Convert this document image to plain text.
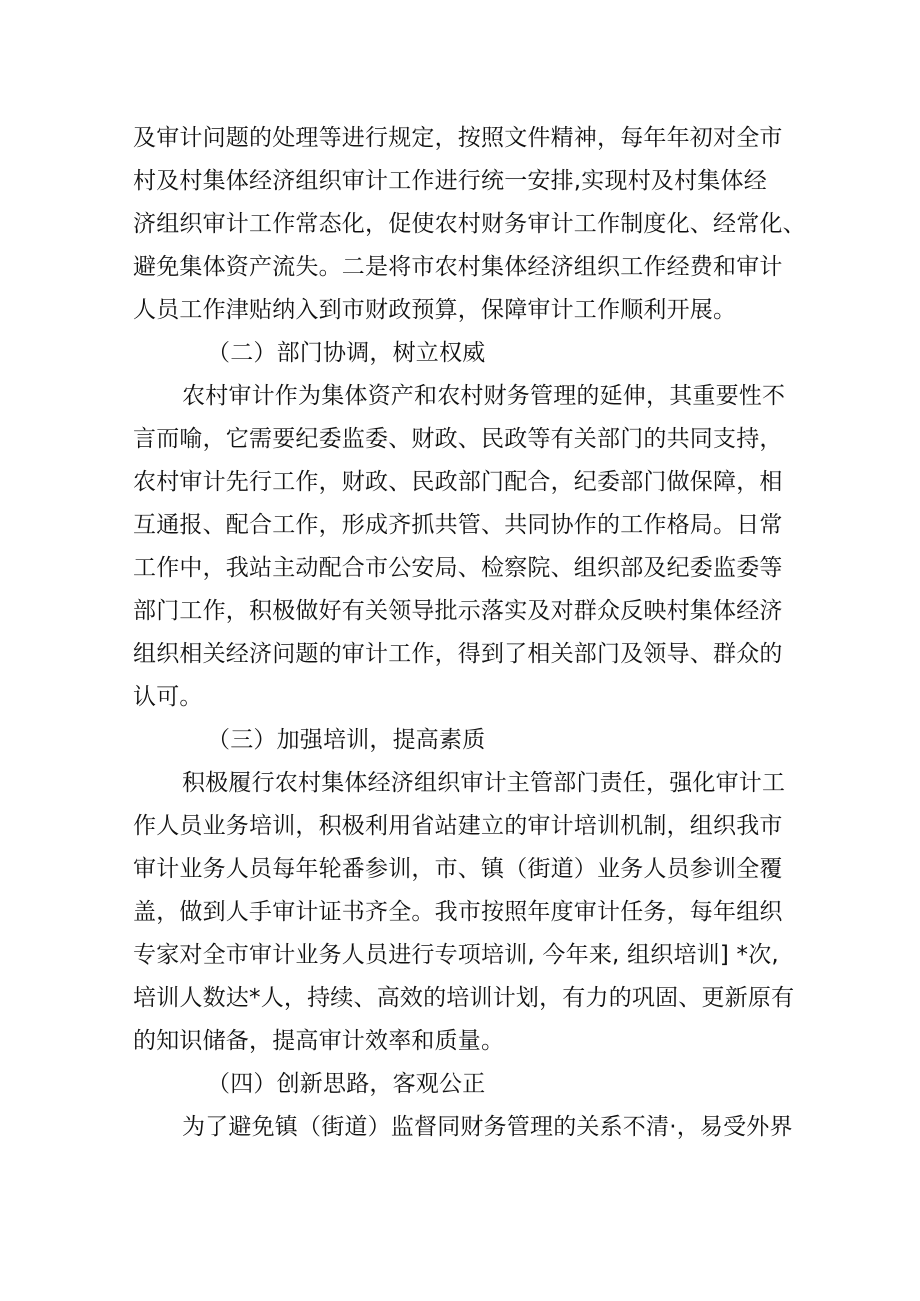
及审计问题的处理等进行规定，按照文件精神，每年年初对全市
村及村集体经济组织审计工作进行统一安排,实现村及村集体经
济组织审计工作常态化，促使农村财务审计工作制度化、经常化、
避免集体资产流失。二是将市农村集体经济组织工作经费和审计
人员工作津贴纳入到市财政预算，保障审计工作顺利开展。
（二）部门协调，树立权威
农村审计作为集体资产和农村财务管理的延伸，其重要性不
言而喻，它需要纪委监委、财政、民政等有关部门的共同支持，
农村审计先行工作，财政、民政部门配合，纪委部门做保障，相
互通报、配合工作，形成齐抓共管、共同协作的工作格局。日常
工作中，我站主动配合市公安局、检察院、组织部及纪委监委等
部门工作，积极做好有关领导批示落实及对群众反映村集体经济
组织相关经济问题的审计工作，得到了相关部门及领导、群众的
认可。
（三）加强培训，提高素质
积极履行农村集体经济组织审计主管部门责任，强化审计工
作人员业务培训，积极利用省站建立的审计培训机制，组织我市
审计业务人员每年轮番参训，市、镇（街道）业务人员参训全覆
盖，做到人手审计证书齐全。我市按照年度审计任务，每年组织
专家对全市审计业务人员进行专项培训, 今年来, 组织培训] *次,
培训人数达*人，持续、高效的培训计划，有力的巩固、更新原有
的知识储备，提高审计效率和质量。
（四）创新思路，客观公正
为了避免镇（街道）监督同财务管理的关系不清·，易受外界
